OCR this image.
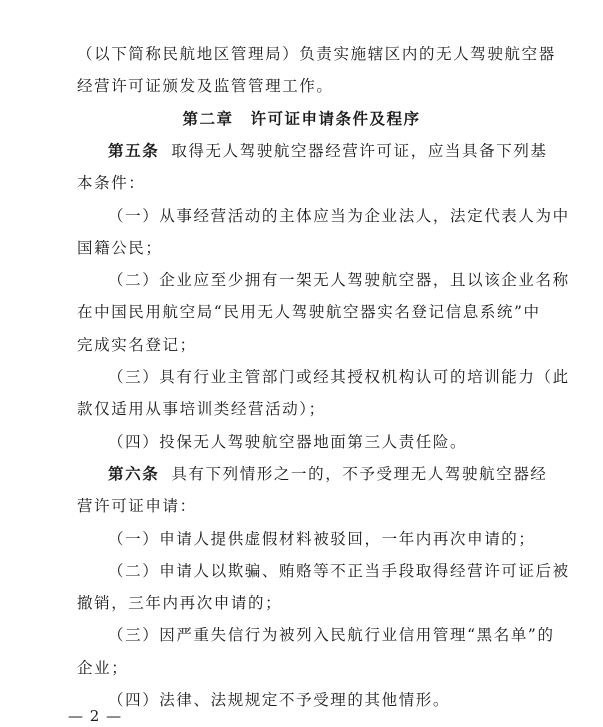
（以下简称民航地区管理局）负责实施辖区内的无人驾驶航空器
经营许可证颁发及监管管理工作。
第二章　许可证申请条件及程序
第五条 取得无人驾驶航空器经营许可证，应当具备下列基
本条件：
（一）从事经营活动的主体应当为企业法人，法定代表人为中
国籍公民；
（二）企业应至少拥有一架无人驾驶航空器，且以该企业名称
在中国民用航空局“民用无人驾驶航空器实名登记信息系统”中
完成实名登记；
（三）具有行业主管部门或经其授权机构认可的培训能力（此
款仅适用从事培训类经营活动）；
（四）投保无人驾驶航空器地面第三人责任险。
第六条 具有下列情形之一的，不予受理无人驾驶航空器经
营许可证申请：
（一）申请人提供虚假材料被驳回，一年内再次申请的；
（二）申请人以欺骗、贿赂等不正当手段取得经营许可证后被
撤销，三年内再次申请的；
（三）因严重失信行为被列入民航行业信用管理“黑名单”的
企业；
（四）法律、法规规定不予受理的其他情形。
— 2 —
